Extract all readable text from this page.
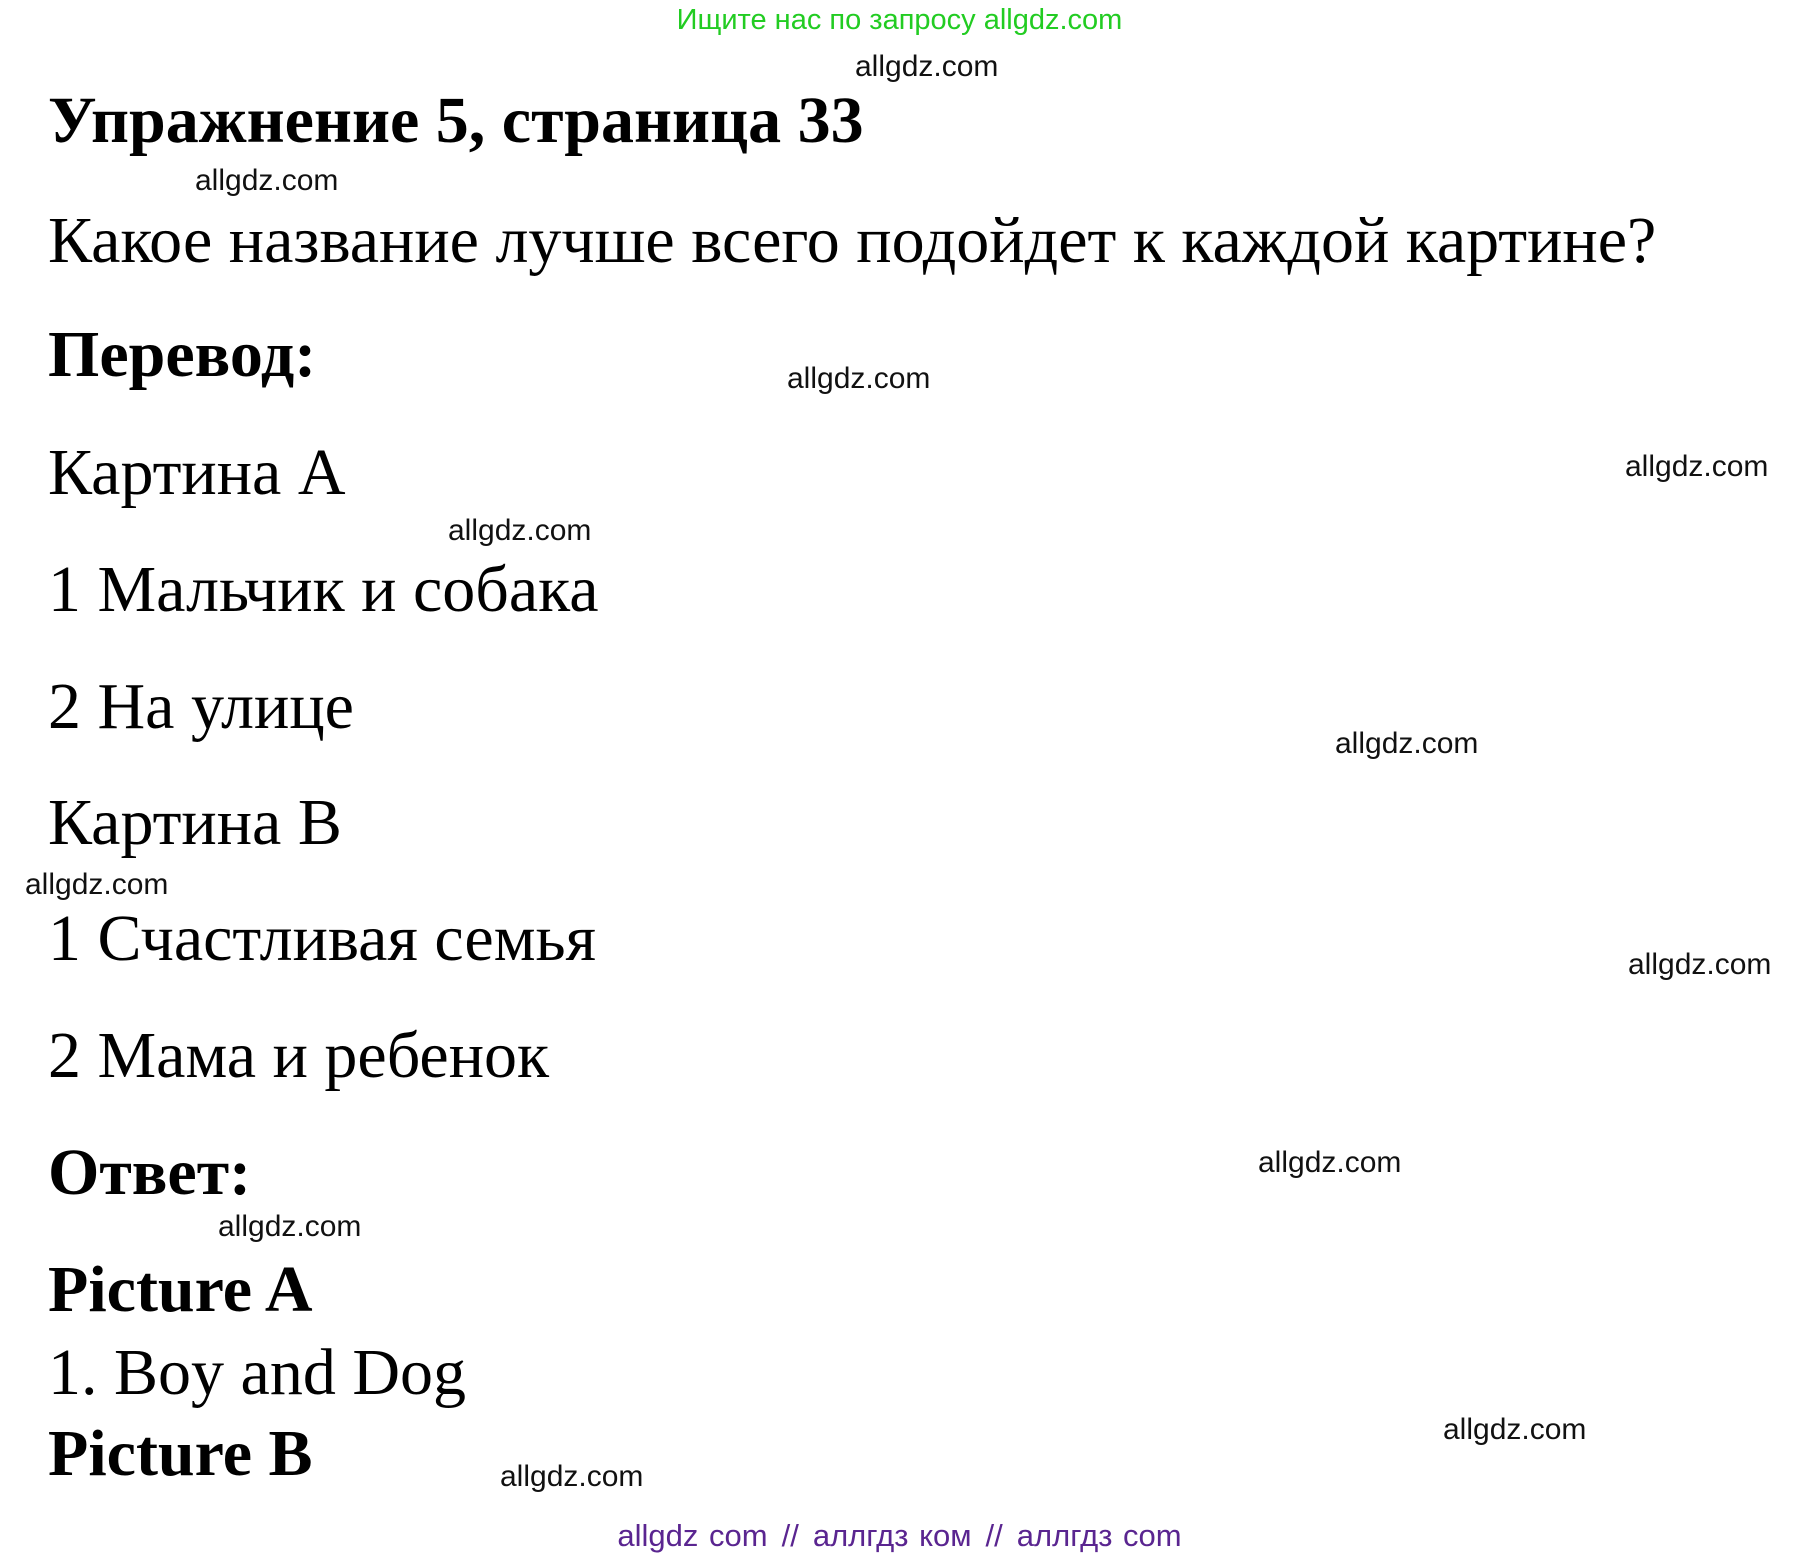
Ищите нас по запросу allgdz.com
Упражнение 5, страница 33
Какое название лучше всего подойдет к каждой картине?
Перевод:
Картина A
1 Мальчик и собака
2 На улице
Картина B
1 Счастливая семья
2 Мама и ребенок
Ответ:
Picture A
1. Boy and Dog
Picture B
allgdz.com
allgdz.com
allgdz.com
allgdz.com
allgdz.com
allgdz.com
allgdz.com
allgdz.com
allgdz.com
allgdz.com
allgdz.com
allgdz.com
allgdz com // аллгдз ком // аллгдз com
